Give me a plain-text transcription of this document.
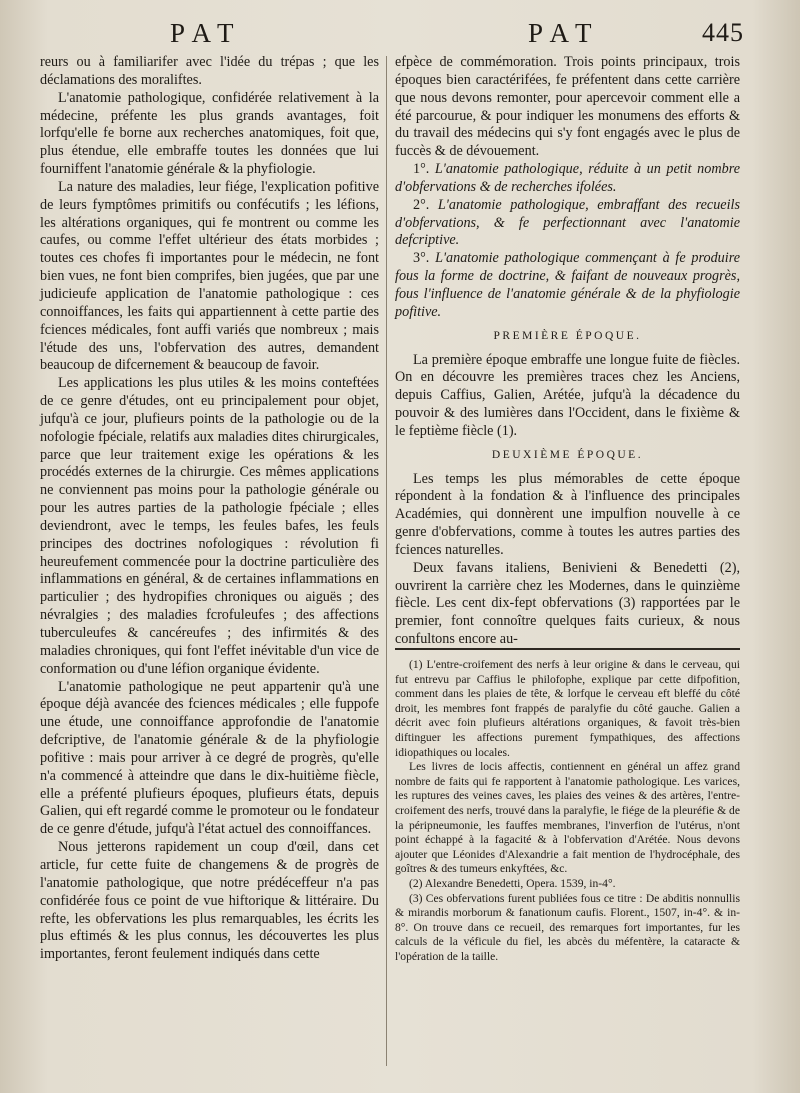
PAT	PAT	445

reurs ou à familiarifer avec l'idée du trépas ; que les déclamations des moraliftes.

L'anatomie pathologique, confidérée relativement à la médecine, préfente les plus grands avantages, foit lorfqu'elle fe borne aux recherches anatomiques, foit que, plus étendue, elle embraffe toutes les données que lui fourniffent l'anatomie générale & la phyfiologie.

La nature des maladies, leur fiége, l'explication pofitive de leurs fymptômes primitifs ou confécutifs ; les léfions, les altérations organiques, qui fe montrent ou comme les caufes, ou comme l'effet ultérieur des états morbides ; toutes ces chofes fi importantes pour le médecin, ne font bien vues, ne font bien comprifes, bien jugées, que par une judicieufe application de l'anatomie pathologique : ces connoiffances, les faits qui appartiennent à cette partie des fciences médicales, font auffi variés que nombreux ; mais l'étude des uns, l'obfervation des autres, demandent beaucoup de difcernement & beaucoup de favoir.

Les applications les plus utiles & les moins conteftées de ce genre d'études, ont eu principalement pour objet, jufqu'à ce jour, plufieurs points de la pathologie ou de la nofologie fpéciale, relatifs aux maladies dites chirurgicales, parce que leur traitement exige les opérations & les procédés externes de la chirurgie. Ces mêmes applications ne conviennent pas moins pour la pathologie générale ou pour les autres parties de la pathologie fpéciale ; elles deviendront, avec le temps, les feules bafes, les feuls principes des doctrines nofologiques : révolution fi heureufement commencée pour la doctrine particulière des inflammations en général, & de certaines inflammations en particulier ; des hydropifies chroniques ou aiguës ; des névralgies ; des maladies fcrofuleufes ; des affections tuberculeufes & cancéreufes ; des infirmités & des maladies chroniques, qui font l'effet inévitable d'un vice de conformation ou d'une léfion organique évidente.

L'anatomie pathologique ne peut appartenir qu'à une époque déjà avancée des fciences médicales ; elle fuppofe une étude, une connoiffance approfondie de l'anatomie defcriptive, de l'anatomie générale & de la phyfiologie pofitive : mais pour arriver à ce degré de progrès, qu'elle n'a commencé à atteindre que dans le dix-huitième fiècle, elle a préfenté plufieurs époques, plufieurs états, depuis Galien, qui eft regardé comme le promoteur ou le fondateur de ce genre d'étude, jufqu'à l'état actuel des connoiffances.

Nous jetterons rapidement un coup d'œil, dans cet article, fur cette fuite de changemens & de progrès de l'anatomie pathologique, que notre prédéceffeur n'a pas confidérée fous ce point de vue hiftorique & littéraire. Du refte, les obfervations les plus remarquables, les écrits les plus eftimés & les plus connus, les découvertes les plus importantes, feront feulement indiqués dans cette

efpèce de commémoration. Trois points principaux, trois époques bien caractérifées, fe préfentent dans cette carrière que nous devons remonter, pour apercevoir comment elle a été parcourue, & pour indiquer les monumens des efforts & du travail des médecins qui s'y font engagés avec le plus de fuccès & de dévouement.

1°. L'anatomie pathologique, réduite à un petit nombre d'obfervations & de recherches ifolées.

2°. L'anatomie pathologique, embraffant des recueils d'obfervations, & fe perfectionnant avec l'anatomie defcriptive.

3°. L'anatomie pathologique commençant à fe produire fous la forme de doctrine, & faifant de nouveaux progrès, fous l'influence de l'anatomie générale & de la phyfiologie pofitive.

PREMIÈRE ÉPOQUE.

La première époque embraffe une longue fuite de fiècles. On en découvre les premières traces chez les Anciens, depuis Caffius, Galien, Arétée, jufqu'à la décadence du pouvoir & des lumières dans l'Occident, dans le fixième & le feptième fiècle (1).

DEUXIÈME ÉPOQUE.

Les temps les plus mémorables de cette époque répondent à la fondation & à l'influence des principales Académies, qui donnèrent une impulfion nouvelle à ce genre d'obfervations, comme à toutes les autres parties des fciences naturelles.

Deux favans italiens, Benivieni & Benedetti (2), ouvrirent la carrière chez les Modernes, dans le quinzième fiècle. Les cent dix-fept obfervations (3) rapportées par le premier, font connoître quelques faits curieux, & nous confultons encore au-

(1) L'entre-croifement des nerfs à leur origine & dans le cerveau, qui fut entrevu par Caffius le philofophe, explique par cette difpofition, comment dans les plaies de tête, & lorfque le cerveau eft bleffé du côté droit, les membres font frappés de paralyfie du côté gauche. Galien a décrit avec foin plufieurs altérations organiques, & favoit très-bien diftinguer les affections purement fympathiques, des affections idiopathiques ou locales.

Les livres de locis affectis, contiennent en général un affez grand nombre de faits qui fe rapportent à l'anatomie pathologique. Les varices, les ruptures des veines caves, les plaies des veines & des artères, l'entre-croifement des nerfs, trouvé dans la paralyfie, le fiége de la pleuréfie & de la péripneumonie, les fauffes membranes, l'inverfion de l'utérus, n'ont point échappé à la fagacité & à l'obfervation d'Arétée. Nous devons ajouter que Léonides d'Alexandrie a fait mention de l'hydrocéphale, des goîtres & des tumeurs enkyftées, &c.

(2) Alexandre Benedetti, Opera. 1539, in-4°.

(3) Ces obfervations furent publiées fous ce titre : De abditis nonnullis & mirandis morborum & fanationum caufis. Florent., 1507, in-4°. & in-8°. On trouve dans ce recueil, des remarques fort importantes, fur les calculs de la véficule du fiel, les abcès du méfentère, la cataracte & l'opération de la taille.
